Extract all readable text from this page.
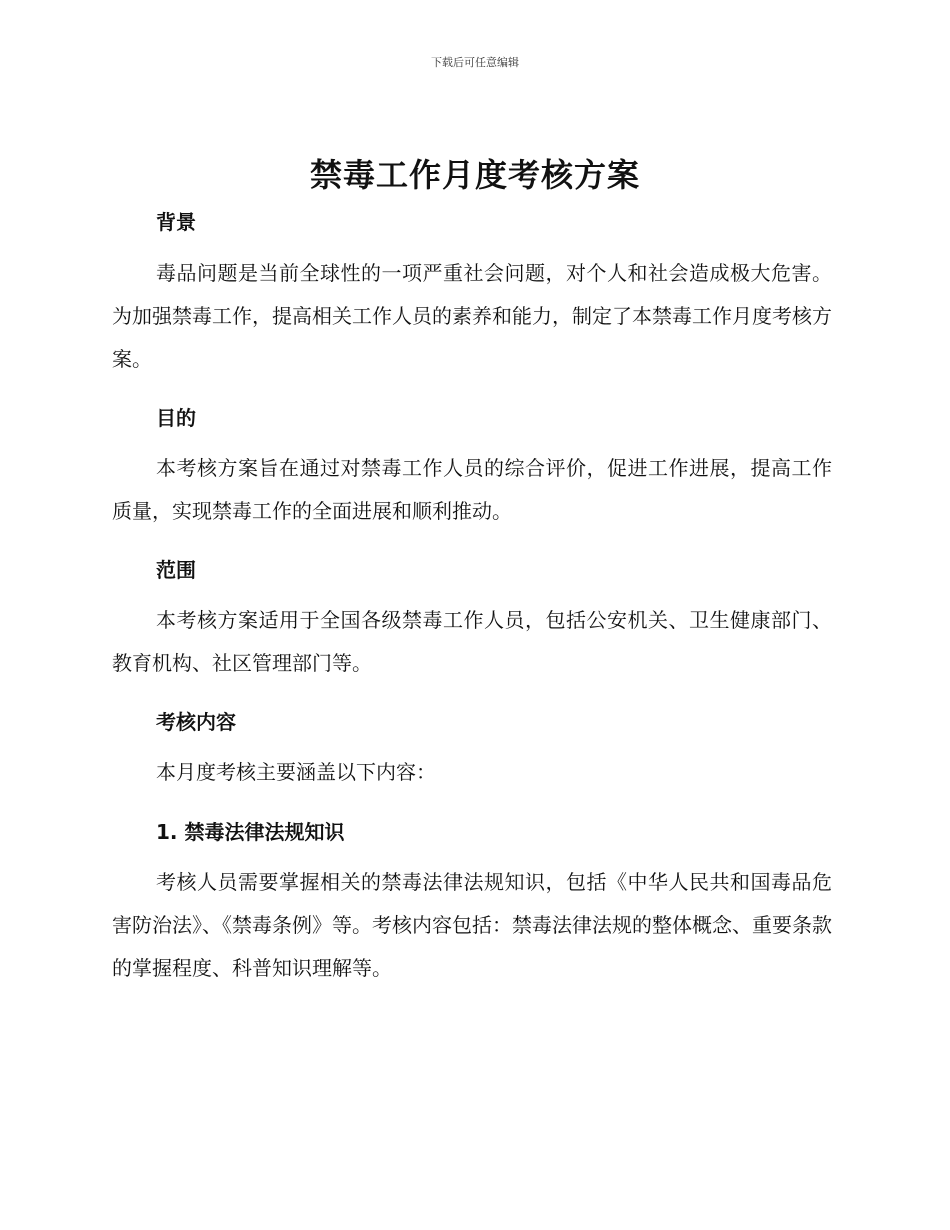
下载后可任意编辑
禁毒工作月度考核方案
背景
毒品问题是当前全球性的一项严重社会问题，对个人和社会造成极大危害。为加强禁毒工作，提高相关工作人员的素养和能力，制定了本禁毒工作月度考核方案。
目的
本考核方案旨在通过对禁毒工作人员的综合评价，促进工作进展，提高工作质量，实现禁毒工作的全面进展和顺利推动。
范围
本考核方案适用于全国各级禁毒工作人员，包括公安机关、卫生健康部门、教育机构、社区管理部门等。
考核内容
本月度考核主要涵盖以下内容：
1. 禁毒法律法规知识
考核人员需要掌握相关的禁毒法律法规知识，包括《中华人民共和国毒品危害防治法》、《禁毒条例》等。考核内容包括：禁毒法律法规的整体概念、重要条款的掌握程度、科普知识理解等。
